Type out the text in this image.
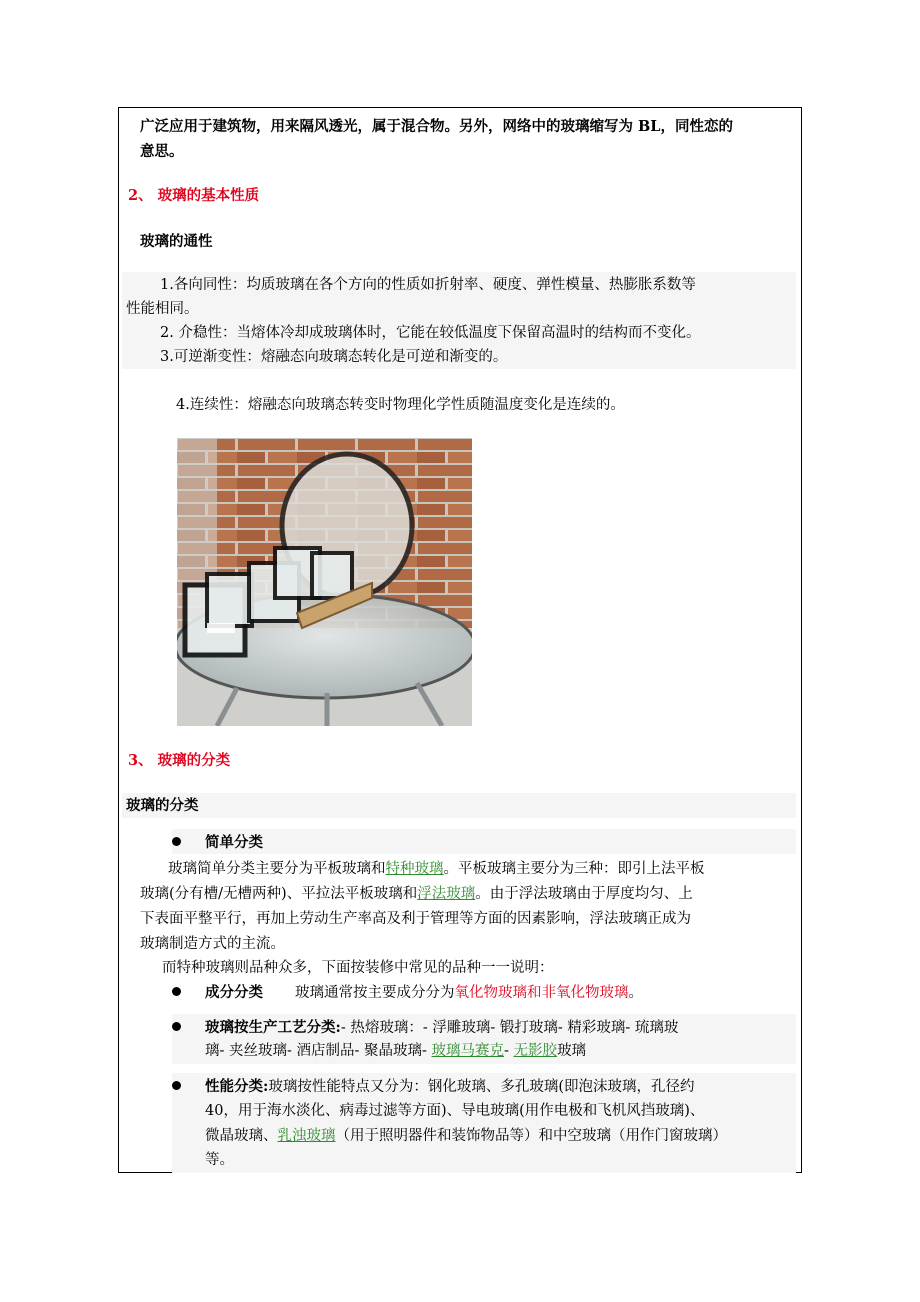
广泛应用于建筑物，用来隔风透光，属于混合物。另外，网络中的玻璃缩写为 BL，同性恋的
意思。
2、 玻璃的基本性质
玻璃的通性
1.各向同性：均质玻璃在各个方向的性质如折射率、硬度、弹性模量、热膨胀系数等
性能相同。
2. 介稳性：当熔体冷却成玻璃体时，它能在较低温度下保留高温时的结构而不变化。
3.可逆渐变性：熔融态向玻璃态转化是可逆和渐变的。
4.连续性：熔融态向玻璃态转变时物理化学性质随温度变化是连续的。
3、 玻璃的分类
玻璃的分类
简单分类
玻璃简单分类主要分为平板玻璃和特种玻璃。平板玻璃主要分为三种：即引上法平板
玻璃(分有槽/无槽两种)、平拉法平板玻璃和浮法玻璃。由于浮法玻璃由于厚度均匀、上
下表面平整平行，再加上劳动生产率高及利于管理等方面的因素影响，浮法玻璃正成为
玻璃制造方式的主流。
而特种玻璃则品种众多，下面按装修中常见的品种一一说明：
成分分类 玻璃通常按主要成分分为氧化物玻璃和非氧化物玻璃。
玻璃按生产工艺分类:- 热熔玻璃：- 浮雕玻璃- 锻打玻璃- 精彩玻璃- 琉璃玻
璃- 夹丝玻璃- 酒店制品- 聚晶玻璃- 玻璃马赛克- 无影胶玻璃
性能分类:玻璃按性能特点又分为：钢化玻璃、多孔玻璃(即泡沫玻璃，孔径约
40，用于海水淡化、病毒过滤等方面)、导电玻璃(用作电极和飞机风挡玻璃)、
微晶玻璃、乳浊玻璃（用于照明器件和装饰物品等）和中空玻璃（用作门窗玻璃）
等。
